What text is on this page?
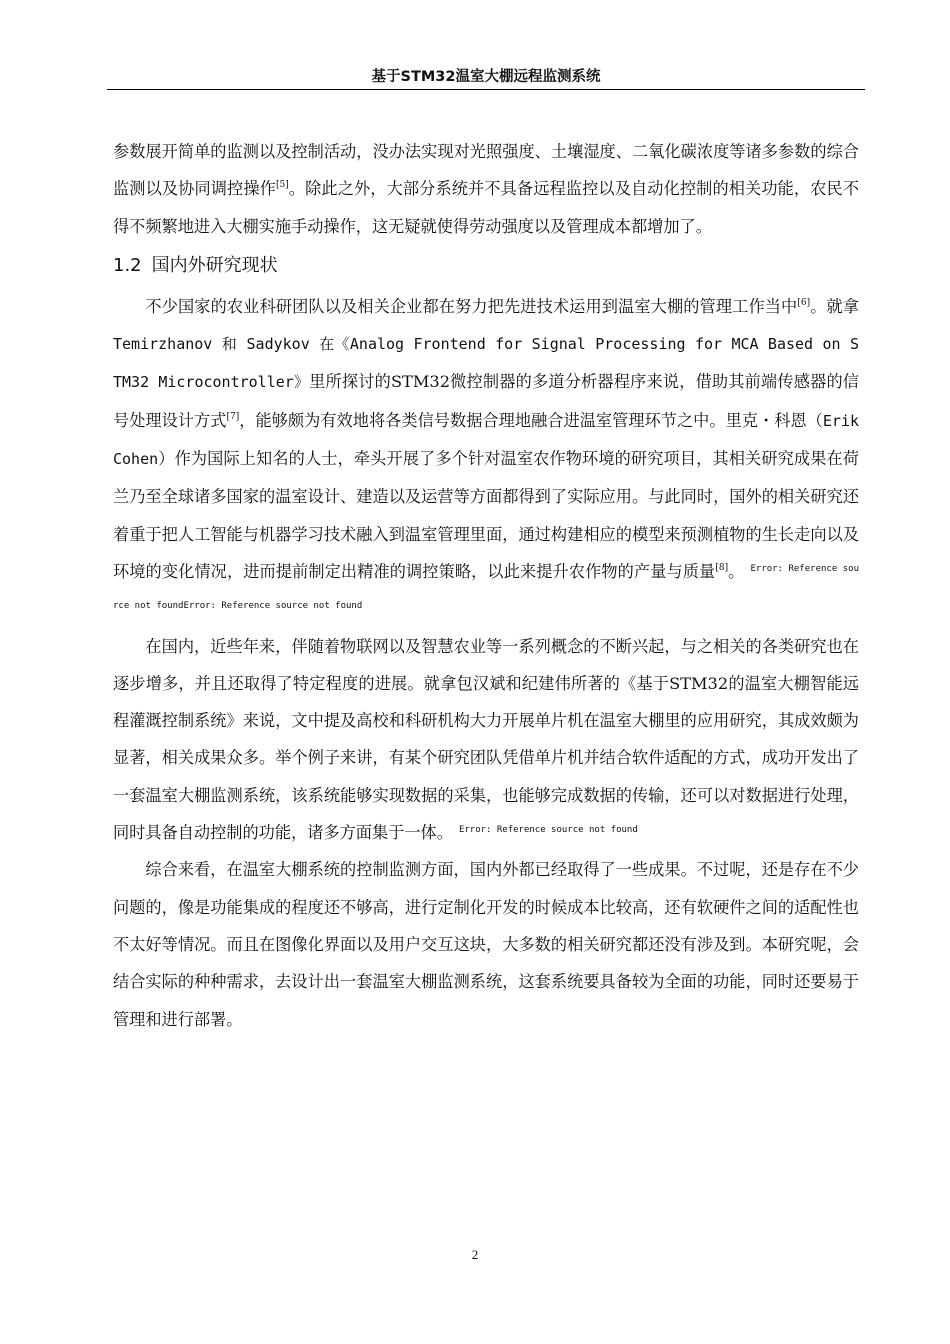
基于STM32温室大棚远程监测系统

参数展开简单的监测以及控制活动，没办法实现对光照强度、土壤湿度、二氧化碳浓度等诸多参数的综合监测以及协同调控操作[5]。除此之外，大部分系统并不具备远程监控以及自动化控制的相关功能，农民不得不频繁地进入大棚实施手动操作，这无疑就使得劳动强度以及管理成本都增加了。

1.2 国内外研究现状

不少国家的农业科研团队以及相关企业都在努力把先进技术运用到温室大棚的管理工作当中[6]。就拿Temirzhanov 和 Sadykov 在《Analog Frontend for Signal Processing for MCA Based on STM32 Microcontroller》里所探讨的STM32微控制器的多道分析器程序来说，借助其前端传感器的信号处理设计方式[7]，能够颇为有效地将各类信号数据合理地融合进温室管理环节之中。里克・科恩（Erik Cohen）作为国际上知名的人士，牵头开展了多个针对温室农作物环境的研究项目，其相关研究成果在荷兰乃至全球诸多国家的温室设计、建造以及运营等方面都得到了实际应用。与此同时，国外的相关研究还着重于把人工智能与机器学习技术融入到温室管理里面，通过构建相应的模型来预测植物的生长走向以及环境的变化情况，进而提前制定出精准的调控策略，以此来提升农作物的产量与质量[8]。 $^{Error: Reference source not foundError: Reference source not found}$

在国内，近些年来，伴随着物联网以及智慧农业等一系列概念的不断兴起，与之相关的各类研究也在逐步增多，并且还取得了特定程度的进展。就拿包汉斌和纪建伟所著的《基于STM32的温室大棚智能远程灌溉控制系统》来说，文中提及高校和科研机构大力开展单片机在温室大棚里的应用研究，其成效颇为显著，相关成果众多。举个例子来讲，有某个研究团队凭借单片机并结合软件适配的方式，成功开发出了一套温室大棚监测系统，该系统能够实现数据的采集，也能够完成数据的传输，还可以对数据进行处理，同时具备自动控制的功能，诸多方面集于一体。 $^{Error: Reference source not found}$

综合来看，在温室大棚系统的控制监测方面，国内外都已经取得了一些成果。不过呢，还是存在不少问题的，像是功能集成的程度还不够高，进行定制化开发的时候成本比较高，还有软硬件之间的适配性也不太好等情况。而且在图像化界面以及用户交互这块，大多数的相关研究都还没有涉及到。本研究呢，会结合实际的种种需求，去设计出一套温室大棚监测系统，这套系统要具备较为全面的功能，同时还要易于管理和进行部署。

2
